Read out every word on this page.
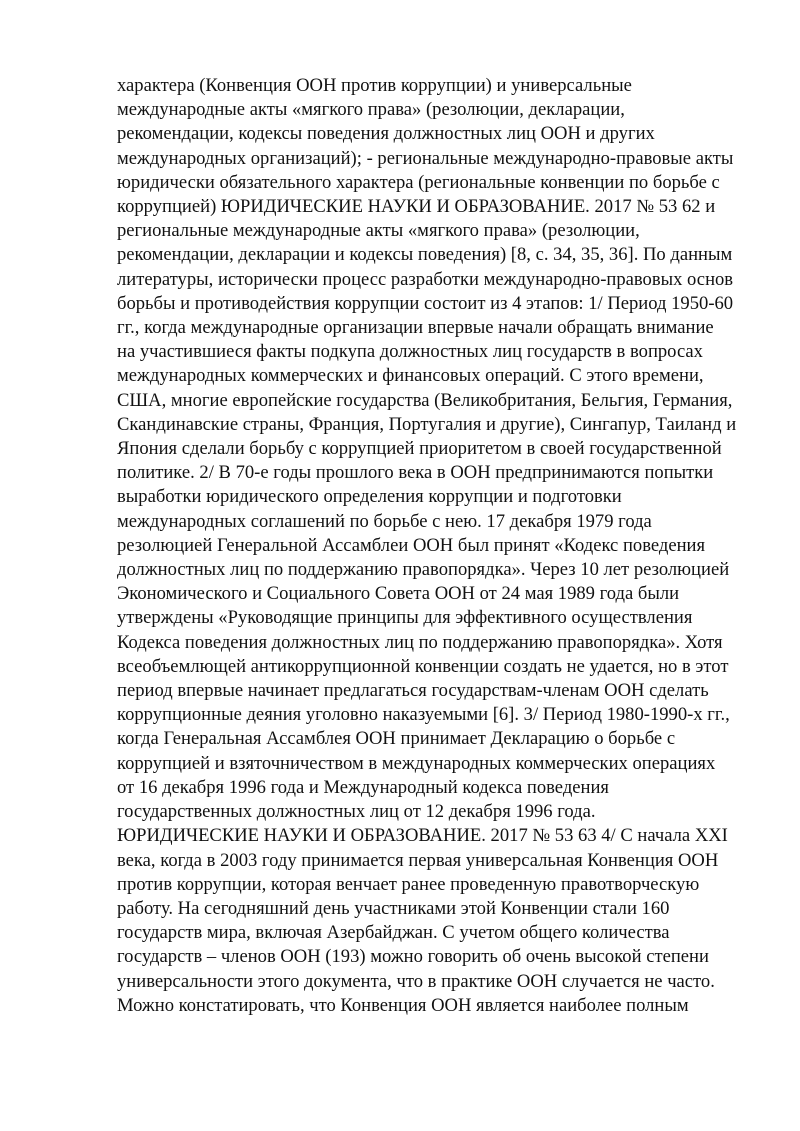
характера (Конвенция ООН против коррупции) и универсальные
международные акты «мягкого права» (резолюции, декларации,
рекомендации, кодексы поведения должностных лиц ООН и других
международных организаций); - региональные международно-правовые акты
юридически обязательного характера (региональные конвенции по борьбе с
коррупцией) ЮРИДИЧЕСКИЕ НАУКИ И ОБРАЗОВАНИЕ. 2017 № 53 62 и
региональные международные акты «мягкого права» (резолюции,
рекомендации, декларации и кодексы поведения) [8, с. 34, 35, 36]. По данным
литературы, исторически процесс разработки международно-правовых основ
борьбы и противодействия коррупции состоит из 4 этапов: 1/ Период 1950-60
гг., когда международные организации впервые начали обращать внимание
на участившиеся факты подкупа должностных лиц государств в вопросах
международных коммерческих и финансовых операций. С этого времени,
США, многие европейские государства (Великобритания, Бельгия, Германия,
Скандинавские страны, Франция, Португалия и другие), Сингапур, Таиланд и
Япония сделали борьбу с коррупцией приоритетом в своей государственной
политике. 2/ В 70-е годы прошлого века в ООН предпринимаются попытки
выработки юридического определения коррупции и подготовки
международных соглашений по борьбе с нею. 17 декабря 1979 года
резолюцией Генеральной Ассамблеи ООН был принят «Кодекс поведения
должностных лиц по поддержанию правопорядка». Через 10 лет резолюцией
Экономического и Социального Совета ООН от 24 мая 1989 года были
утверждены «Руководящие принципы для эффективного осуществления
Кодекса поведения должностных лиц по поддержанию правопорядка». Хотя
всеобъемлющей антикоррупционной конвенции создать не удается, но в этот
период впервые начинает предлагаться государствам-членам ООН сделать
коррупционные деяния уголовно наказуемыми [6]. 3/ Период 1980-1990-х гг.,
когда Генеральная Ассамблея ООН принимает Декларацию о борьбе с
коррупцией и взяточничеством в международных коммерческих операциях
от 16 декабря 1996 года и Международный кодекса поведения
государственных должностных лиц от 12 декабря 1996 года.
ЮРИДИЧЕСКИЕ НАУКИ И ОБРАЗОВАНИЕ. 2017 № 53 63 4/ С начала XXI
века, когда в 2003 году принимается первая универсальная Конвенция ООН
против коррупции, которая венчает ранее проведенную правотворческую
работу. На сегодняшний день участниками этой Конвенции стали 160
государств мира, включая Азербайджан. С учетом общего количества
государств – членов ООН (193) можно говорить об очень высокой степени
универсальности этого документа, что в практике ООН случается не часто.
Можно констатировать, что Конвенция ООН является наиболее полным
